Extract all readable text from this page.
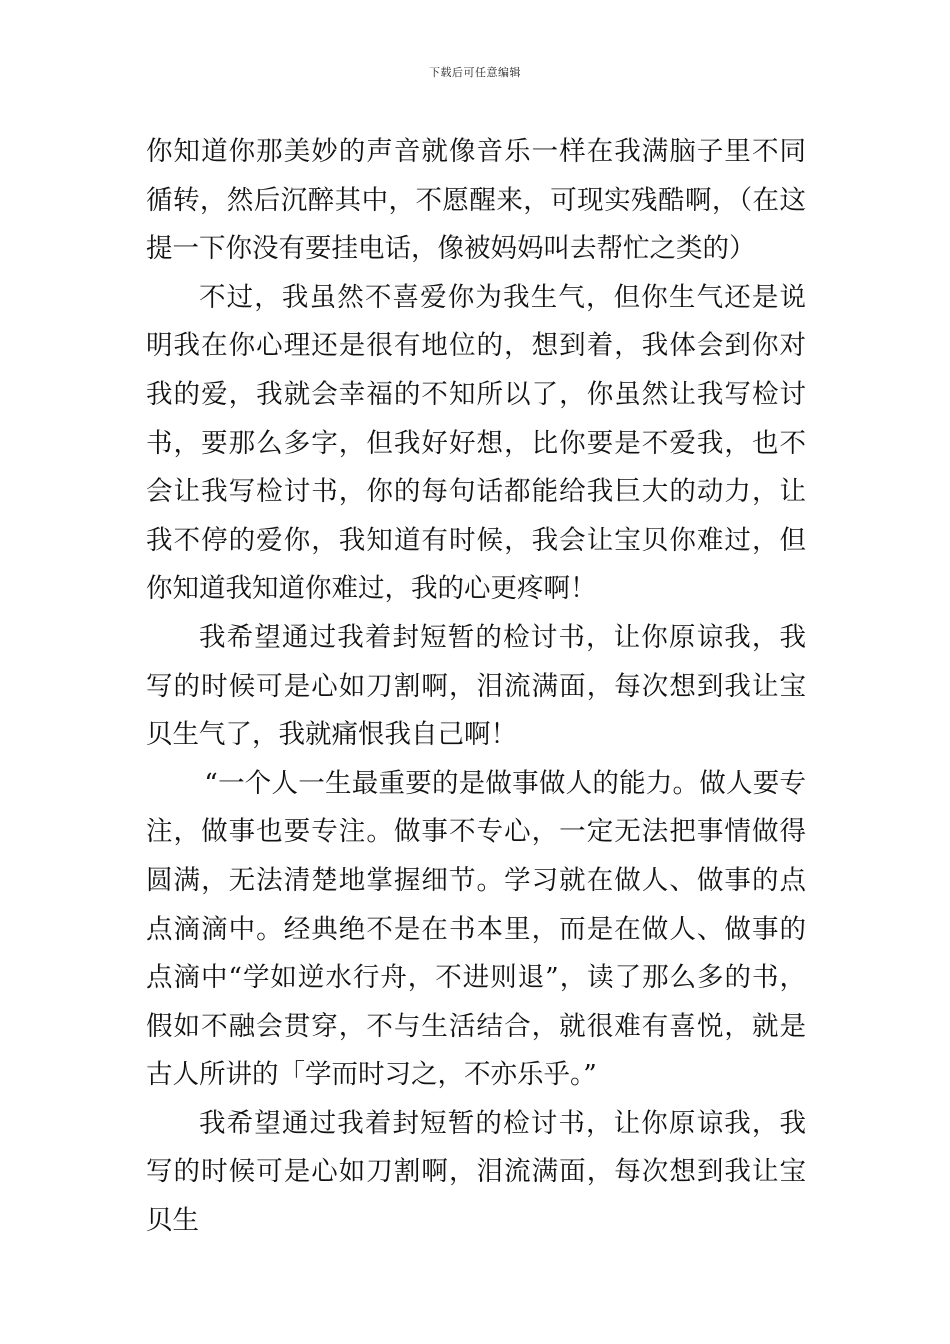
下载后可任意编辑

你知道你那美妙的声音就像音乐一样在我满脑子里不同循转，然后沉醉其中，不愿醒来，可现实残酷啊，（在这提一下你没有要挂电话，像被妈妈叫去帮忙之类的）

不过，我虽然不喜爱你为我生气，但你生气还是说明我在你心理还是很有地位的，想到着，我体会到你对我的爱，我就会幸福的不知所以了，你虽然让我写检讨书，要那么多字，但我好好想，比你要是不爱我，也不会让我写检讨书，你的每句话都能给我巨大的动力，让我不停的爱你，我知道有时候，我会让宝贝你难过，但你知道我知道你难过，我的心更疼啊！

我希望通过我着封短暂的检讨书，让你原谅我，我写的时候可是心如刀割啊，泪流满面，每次想到我让宝贝生气了，我就痛恨我自己啊！

“一个人一生最重要的是做事做人的能力。做人要专注，做事也要专注。做事不专心，一定无法把事情做得圆满，无法清楚地掌握细节。学习就在做人、做事的点点滴滴中。经典绝不是在书本里，而是在做人、做事的点滴中“学如逆水行舟，不进则退”，读了那么多的书，假如不融会贯穿，不与生活结合，就很难有喜悦，就是古人所讲的「学而时习之，不亦乐乎。”

我希望通过我着封短暂的检讨书，让你原谅我，我写的时候可是心如刀割啊，泪流满面，每次想到我让宝贝生
